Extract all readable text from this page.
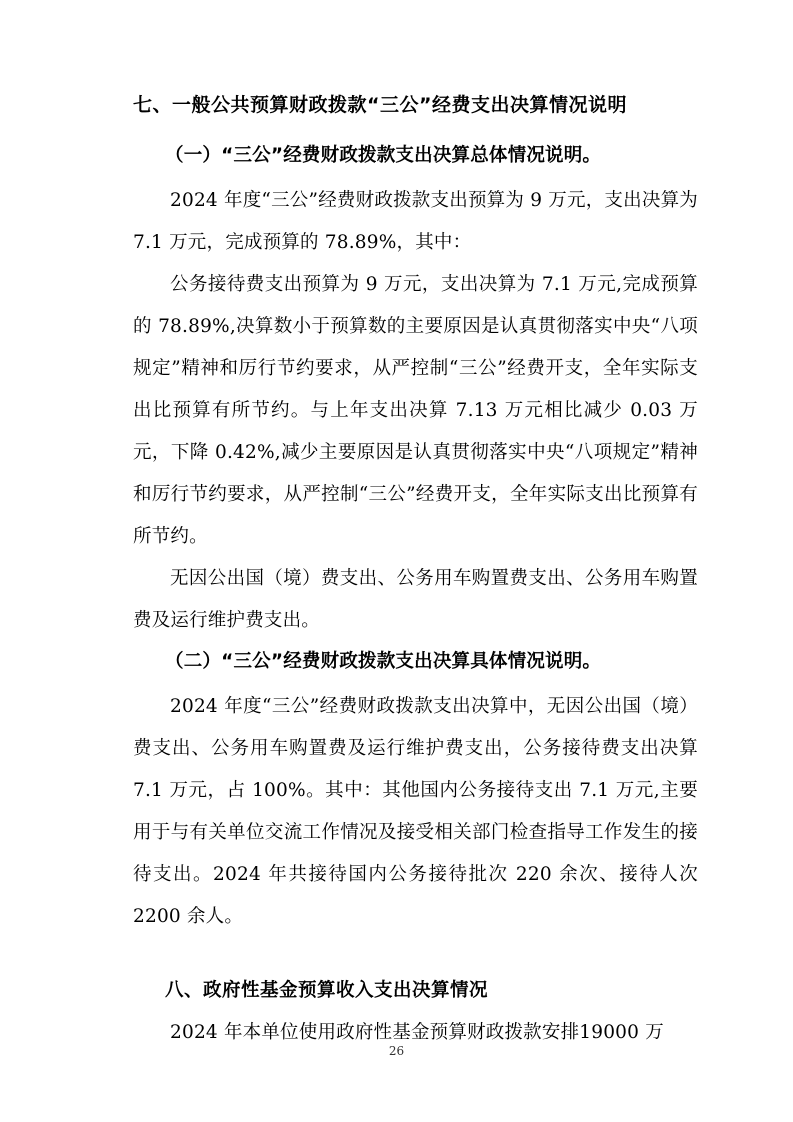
七、一般公共预算财政拨款“三公”经费支出决算情况说明
（一）“三公”经费财政拨款支出决算总体情况说明。

2024 年度“三公”经费财政拨款支出预算为 9 万元，支出决算为 7.1 万元，完成预算的 78.89%，其中：

公务接待费支出预算为 9 万元，支出决算为 7.1 万元,完成预算的 78.89%,决算数小于预算数的主要原因是认真贯彻落实中央“八项规定”精神和厉行节约要求，从严控制“三公”经费开支，全年实际支出比预算有所节约。与上年支出决算 7.13 万元相比减少 0.03 万元，下降 0.42%,减少主要原因是认真贯彻落实中央“八项规定”精神和厉行节约要求，从严控制“三公”经费开支，全年实际支出比预算有所节约。

无因公出国（境）费支出、公务用车购置费支出、公务用车购置费及运行维护费支出。

（二）“三公”经费财政拨款支出决算具体情况说明。

2024 年度“三公”经费财政拨款支出决算中，无因公出国（境）费支出、公务用车购置费及运行维护费支出，公务接待费支出决算 7.1 万元，占 100%。其中：其他国内公务接待支出 7.1 万元,主要用于与有关单位交流工作情况及接受相关部门检查指导工作发生的接待支出。2024 年共接待国内公务接待批次 220 余次、接待人次 2200 余人。

八、政府性基金预算收入支出决算情况

2024 年本单位使用政府性基金预算财政拨款安排19000 万

26
